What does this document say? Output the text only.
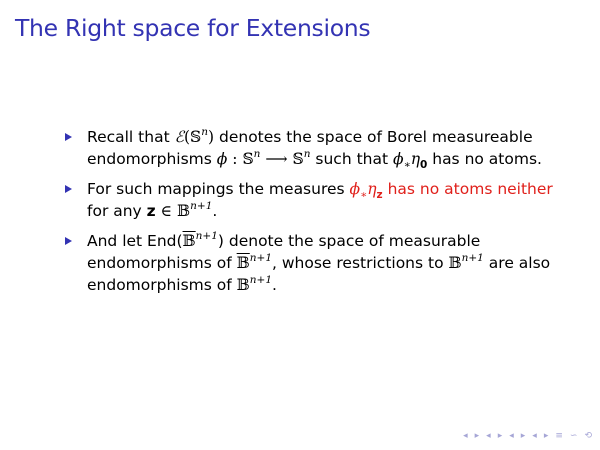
The Right space for Extensions
Recall that ℰ(𝕊$^n$) denotes the space of Borel measureable endomorphisms ϕ : 𝕊$^n$ ⟶ 𝕊$^n$ such that $\phi_∗\eta_0$ has no atoms.
For such mappings the measures $\phi_∗\eta_z$ has no atoms neither for any z ∈ 𝔹$^{n+1}$.
And let End(𝔹$^{n+1}$) denote the space of measurable endomorphisms of 𝔹$^{n+1}$, whose restrictions to 𝔹$^{n+1}$ are also endomorphisms of 𝔹$^{n+1}$.
◂ ▸ ◂ ▸ ◂ ▸ ◂ ▸ ≡ ∽ ⟲
